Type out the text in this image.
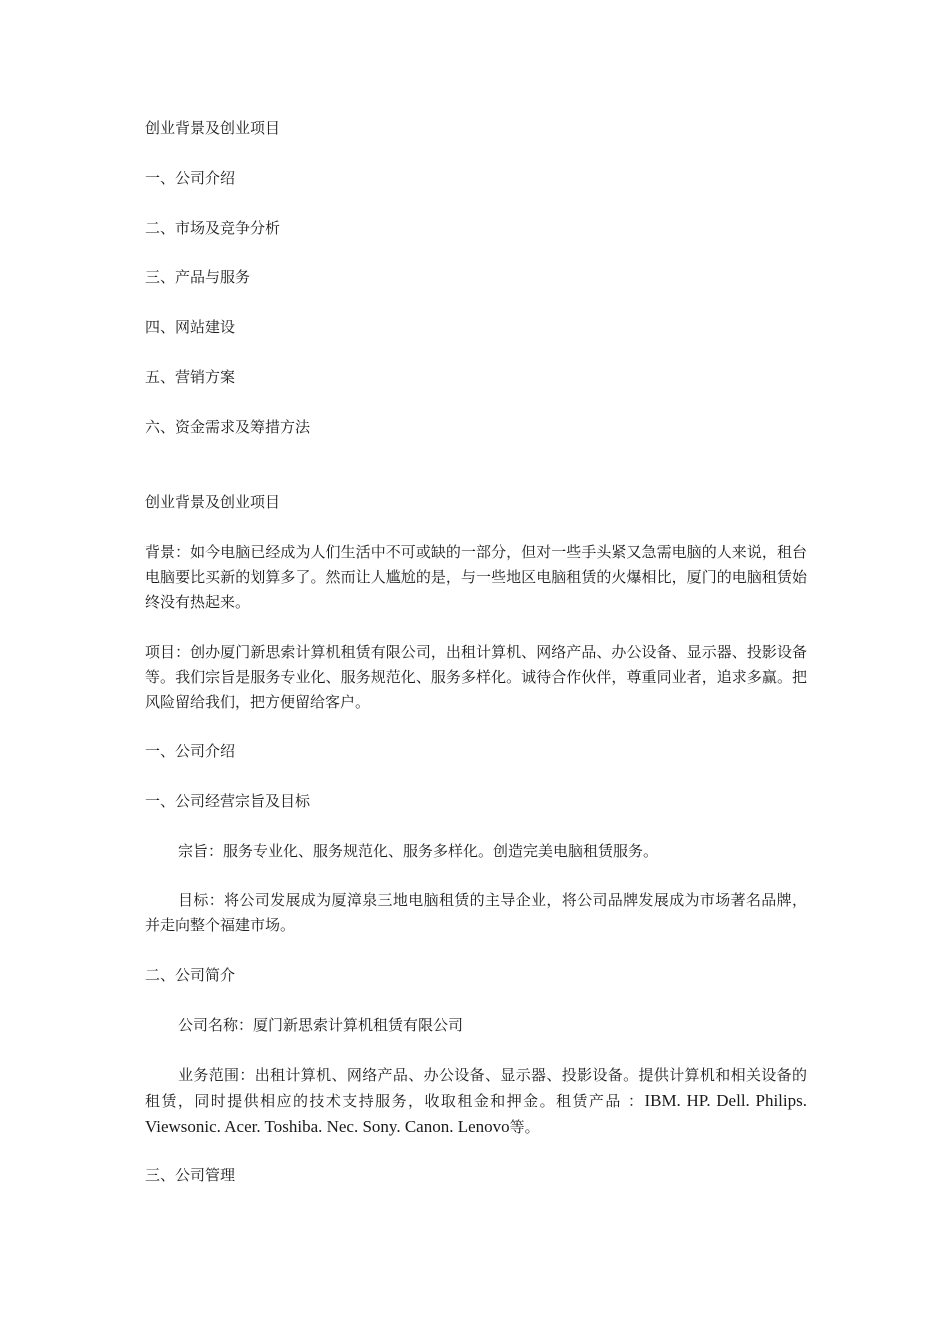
创业背景及创业项目
一、公司介绍
二、市场及竞争分析
三、产品与服务
四、网站建设
五、营销方案
六、资金需求及筹措方法
创业背景及创业项目
背景：如今电脑已经成为人们生活中不可或缺的一部分，但对一些手头紧又急需电脑的人来说，租台电脑要比买新的划算多了。然而让人尴尬的是，与一些地区电脑租赁的火爆相比，厦门的电脑租赁始终没有热起来。
项目：创办厦门新思索计算机租赁有限公司，出租计算机、网络产品、办公设备、显示器、投影设备等。我们宗旨是服务专业化、服务规范化、服务多样化。诚待合作伙伴，尊重同业者，追求多赢。把风险留给我们，把方便留给客户。
一、公司介绍
一、公司经营宗旨及目标
宗旨：服务专业化、服务规范化、服务多样化。创造完美电脑租赁服务。
目标：将公司发展成为厦漳泉三地电脑租赁的主导企业，将公司品牌发展成为市场著名品牌，并走向整个福建市场。
二、公司简介
公司名称：厦门新思索计算机租赁有限公司
业务范围：出租计算机、网络产品、办公设备、显示器、投影设备。提供计算机和相关设备的租赁，同时提供相应的技术支持服务，收取租金和押金。租赁产品 ：IBM. HP. Dell. Philips. Viewsonic. Acer. Toshiba. Nec. Sony. Canon. Lenovo等。
三、公司管理
